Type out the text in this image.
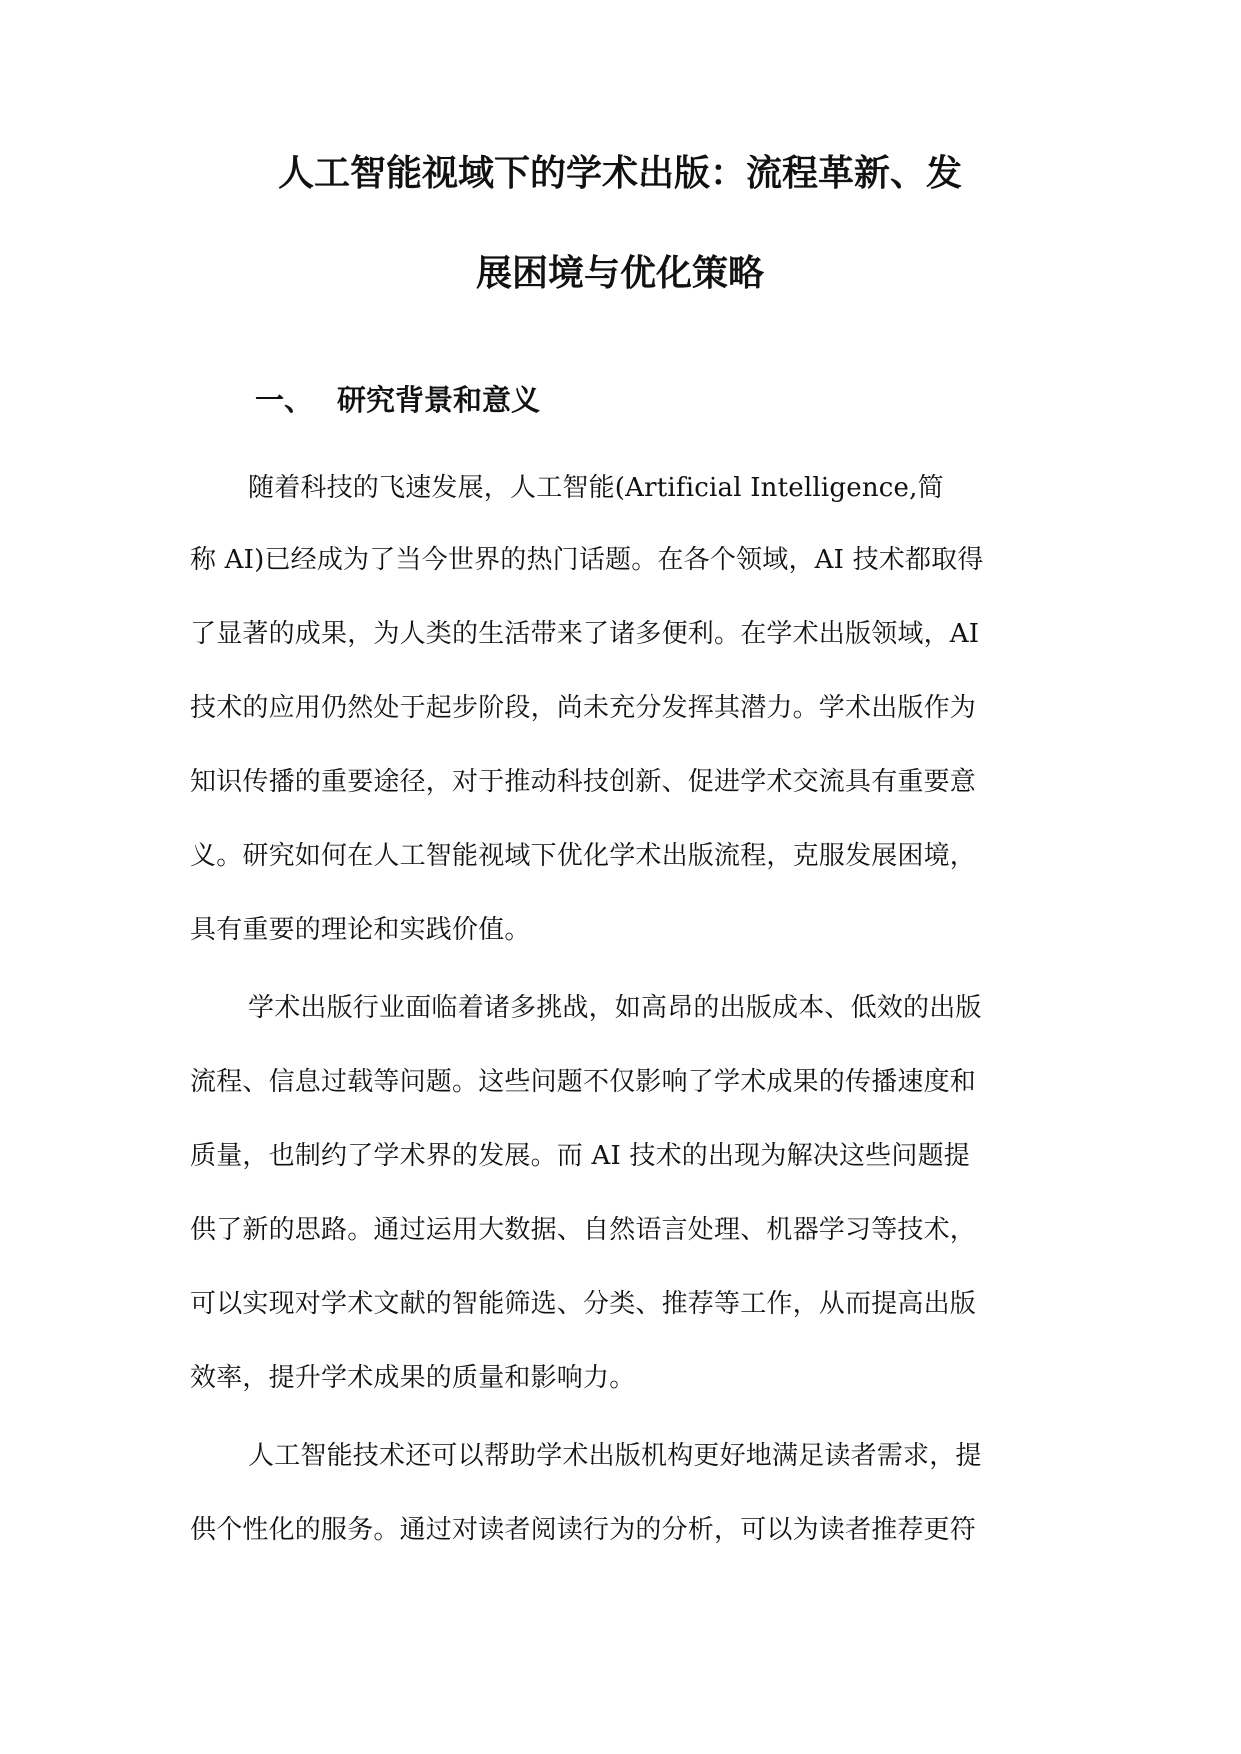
人工智能视域下的学术出版：流程革新、发
展困境与优化策略
一、 研究背景和意义
随着科技的飞速发展，人工智能(Artificial Intelligence,简
称 AI)已经成为了当今世界的热门话题。在各个领域，AI 技术都取得
了显著的成果，为人类的生活带来了诸多便利。在学术出版领域，AI
技术的应用仍然处于起步阶段，尚未充分发挥其潜力。学术出版作为
知识传播的重要途径，对于推动科技创新、促进学术交流具有重要意
义。研究如何在人工智能视域下优化学术出版流程，克服发展困境，
具有重要的理论和实践价值。
学术出版行业面临着诸多挑战，如高昂的出版成本、低效的出版
流程、信息过载等问题。这些问题不仅影响了学术成果的传播速度和
质量，也制约了学术界的发展。而 AI 技术的出现为解决这些问题提
供了新的思路。通过运用大数据、自然语言处理、机器学习等技术，
可以实现对学术文献的智能筛选、分类、推荐等工作，从而提高出版
效率，提升学术成果的质量和影响力。
人工智能技术还可以帮助学术出版机构更好地满足读者需求，提
供个性化的服务。通过对读者阅读行为的分析，可以为读者推荐更符
